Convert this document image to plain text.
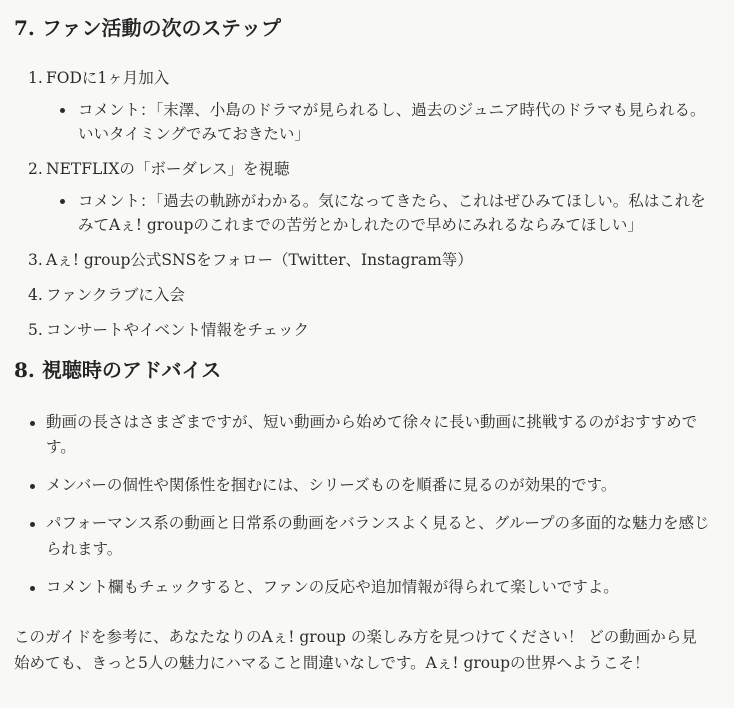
7. ファン活動の次のステップ
1. FODに1ヶ月加入
コメント：「末澤、小島のドラマが見られるし、過去のジュニア時代のドラマも見られる。いいタイミングでみておきたい」
2. NETFLIXの「ボーダレス」を視聴
コメント：「過去の軌跡がわかる。気になってきたら、これはぜひみてほしい。私はこれをみてAぇ! groupのこれまでの苦労とかしれたので早めにみれるならみてほしい」
3. Aぇ! group公式SNSをフォロー（Twitter、Instagram等）
4. ファンクラブに入会
5. コンサートやイベント情報をチェック
8. 視聴時のアドバイス
動画の長さはさまざまですが、短い動画から始めて徐々に長い動画に挑戦するのがおすすめです。
メンバーの個性や関係性を掴むには、シリーズものを順番に見るのが効果的です。
パフォーマンス系の動画と日常系の動画をバランスよく見ると、グループの多面的な魅力を感じられます。
コメント欄もチェックすると、ファンの反応や追加情報が得られて楽しいですよ。

このガイドを参考に、あなたなりのAぇ! group の楽しみ方を見つけてください！ どの動画から見始めても、きっと5人の魅力にハマること間違いなしです。Aぇ! groupの世界へようこそ！
